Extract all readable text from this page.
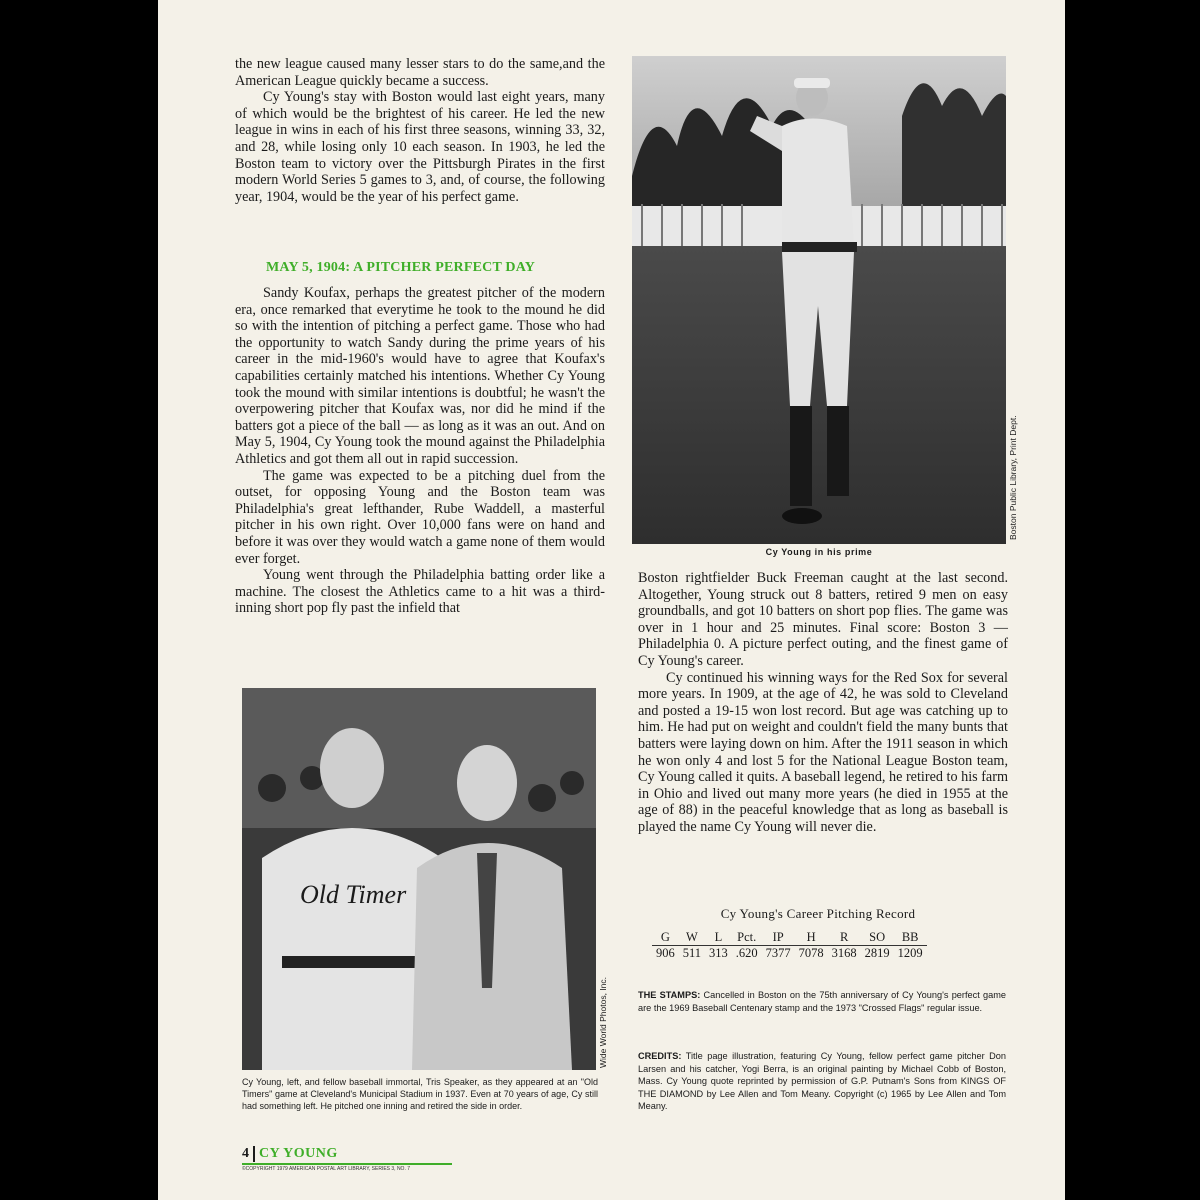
the new league caused many lesser stars to do the same,and the American League quickly became a success.

Cy Young's stay with Boston would last eight years, many of which would be the brightest of his career. He led the new league in wins in each of his first three seasons, winning 33, 32, and 28, while losing only 10 each season. In 1903, he led the Boston team to victory over the Pittsburgh Pirates in the first modern World Series 5 games to 3, and, of course, the following year, 1904, would be the year of his perfect game.

MAY 5, 1904: A PITCHER PERFECT DAY

Sandy Koufax, perhaps the greatest pitcher of the modern era, once remarked that everytime he took to the mound he did so with the intention of pitching a perfect game. Those who had the opportunity to watch Sandy during the prime years of his career in the mid-1960's would have to agree that Koufax's capabilities certainly matched his intentions. Whether Cy Young took the mound with similar intentions is doubtful; he wasn't the overpowering pitcher that Koufax was, nor did he mind if the batters got a piece of the ball — as long as it was an out. And on May 5, 1904, Cy Young took the mound against the Philadelphia Athletics and got them all out in rapid succession.

The game was expected to be a pitching duel from the outset, for opposing Young and the Boston team was Philadelphia's great lefthander, Rube Waddell, a masterful pitcher in his own right. Over 10,000 fans were on hand and before it was over they would watch a game none of them would ever forget.

Young went through the Philadelphia batting order like a machine. The closest the Athletics came to a hit was a third-inning short pop fly past the infield that

Boston Public Library, Print Dept.
Cy Young in his prime

Boston rightfielder Buck Freeman caught at the last second. Altogether, Young struck out 8 batters, retired 9 men on easy groundballs, and got 10 batters on short pop flies. The game was over in 1 hour and 25 minutes. Final score: Boston 3 — Philadelphia 0. A picture perfect outing, and the finest game of Cy Young's career.

Cy continued his winning ways for the Red Sox for several more years. In 1909, at the age of 42, he was sold to Cleveland and posted a 19-15 won lost record. But age was catching up to him. He had put on weight and couldn't field the many bunts that batters were laying down on him. After the 1911 season in which he won only 4 and lost 5 for the National League Boston team, Cy Young called it quits. A baseball legend, he retired to his farm in Ohio and lived out many more years (he died in 1955 at the age of 88) in the peaceful knowledge that as long as baseball is played the name Cy Young will never die.

Old Timer
Wide World Photos, Inc.
Cy Young, left, and fellow baseball immortal, Tris Speaker, as they appeared at an "Old Timers" game at Cleveland's Municipal Stadium in 1937. Even at 70 years of age, Cy still had something left. He pitched one inning and retired the side in order.
Cy Young's Career Pitching Record
G	W	L	Pct.	IP	H	R	SO	BB
906	511	313	.620	7377	7078	3168	2819	1209
THE STAMPS: Cancelled in Boston on the 75th anniversary of Cy Young's perfect game are the 1969 Baseball Centenary stamp and the 1973 "Crossed Flags" regular issue.
CREDITS: Title page illustration, featuring Cy Young, fellow perfect game pitcher Don Larsen and his catcher, Yogi Berra, is an original painting by Michael Cobb of Boston, Mass. Cy Young quote reprinted by permission of G.P. Putnam's Sons from KINGS OF THE DIAMOND by Lee Allen and Tom Meany. Copyright (c) 1965 by Lee Allen and Tom Meany.
4 CY YOUNG
©COPYRIGHT 1979 AMERICAN POSTAL ART LIBRARY, SERIES 3, NO. 7
